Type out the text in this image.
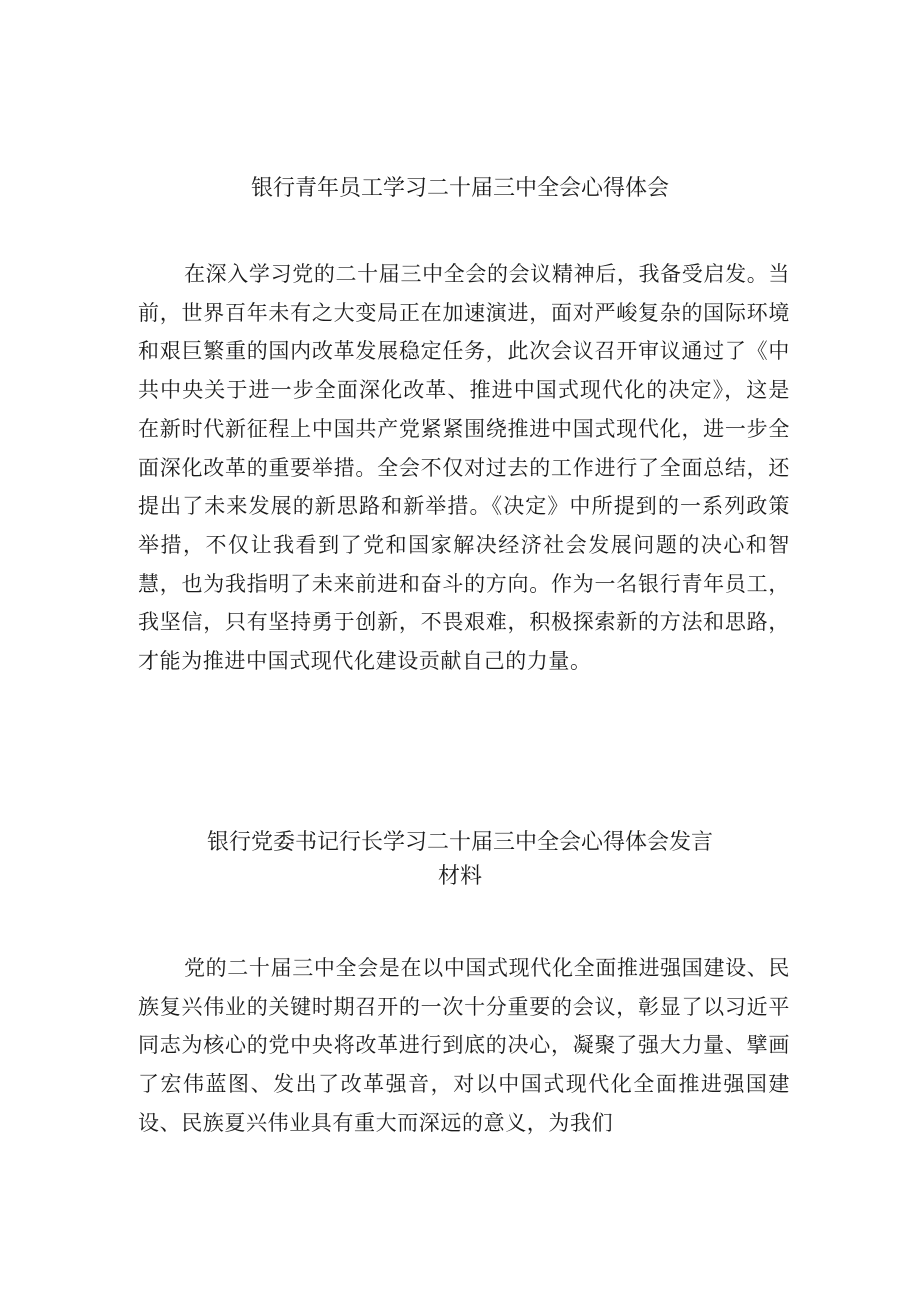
银行青年员工学习二十届三中全会心得体会

在深入学习党的二十届三中全会的会议精神后，我备受启发。当前，世界百年未有之大变局正在加速演进，面对严峻复杂的国际环境和艰巨繁重的国内改革发展稳定任务，此次会议召开审议通过了《中共中央关于进一步全面深化改革、推进中国式现代化的决定》，这是在新时代新征程上中国共产党紧紧围绕推进中国式现代化，进一步全面深化改革的重要举措。全会不仅对过去的工作进行了全面总结，还提出了未来发展的新思路和新举措。《决定》中所提到的一系列政策举措，不仅让我看到了党和国家解决经济社会发展问题的决心和智慧，也为我指明了未来前进和奋斗的方向。作为一名银行青年员工，我坚信，只有坚持勇于创新，不畏艰难，积极探索新的方法和思路，才能为推进中国式现代化建设贡献自己的力量。

银行党委书记行长学习二十届三中全会心得体会发言
材料

党的二十届三中全会是在以中国式现代化全面推进强国建设、民族复兴伟业的关键时期召开的一次十分重要的会议，彰显了以习近平同志为核心的党中央将改革进行到底的决心，凝聚了强大力量、擘画了宏伟蓝图、发出了改革强音，对以中国式现代化全面推进强国建设、民族夏兴伟业具有重大而深远的意义，为我们
